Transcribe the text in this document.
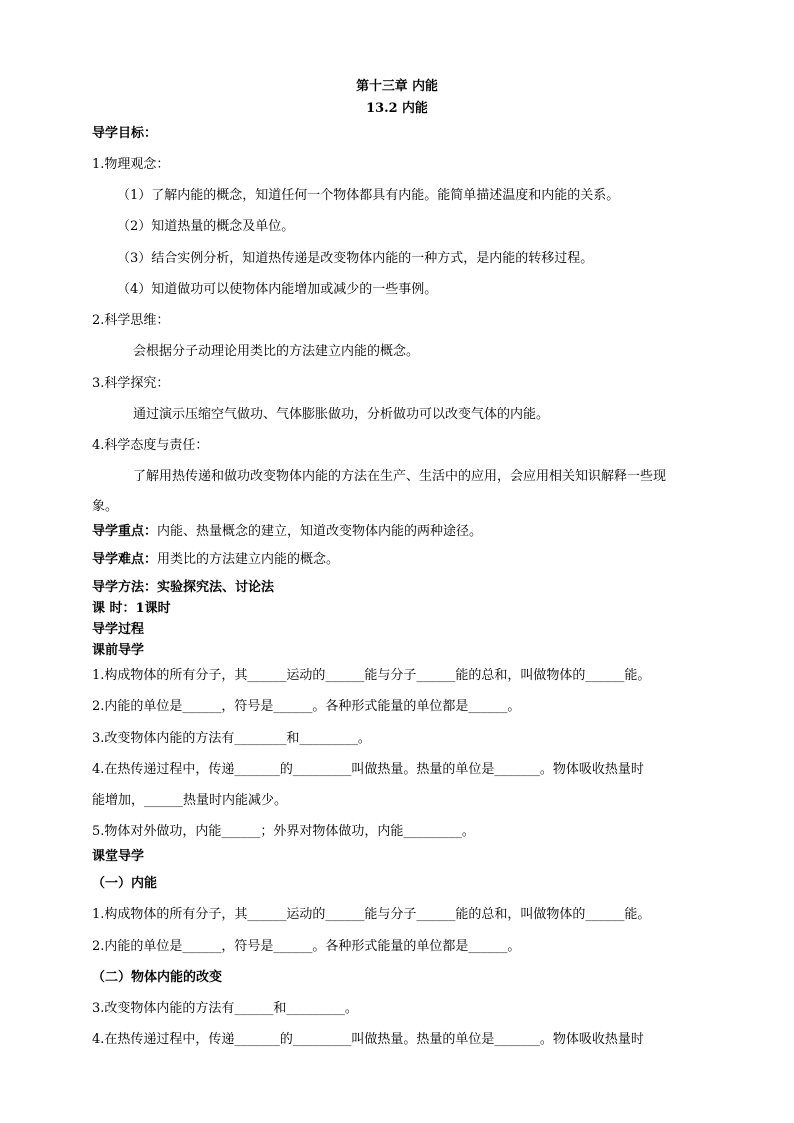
第十三章 内能
13.2 内能
导学目标：
1.物理观念：
（1）了解内能的概念，知道任何一个物体都具有内能。能简单描述温度和内能的关系。
（2）知道热量的概念及单位。
（3）结合实例分析，知道热传递是改变物体内能的一种方式，是内能的转移过程。
（4）知道做功可以使物体内能增加或减少的一些事例。
2.科学思维：
会根据分子动理论用类比的方法建立内能的概念。
3.科学探究：
通过演示压缩空气做功、气体膨胀做功，分析做功可以改变气体的内能。
4.科学态度与责任：
了解用热传递和做功改变物体内能的方法在生产、生活中的应用，会应用相关知识解释一些现
象。
导学重点：内能、热量概念的建立，知道改变物体内能的两种途径。
导学难点：用类比的方法建立内能的概念。
导学方法：实验探究法、讨论法
课 时：1课时
导学过程
课前导学
1.构成物体的所有分子，其______运动的______能与分子______能的总和，叫做物体的______能。
2.内能的单位是______，符号是______。各种形式能量的单位都是______。
3.改变物体内能的方法有________和_________。
4.在热传递过程中，传递_______的_________叫做热量。热量的单位是_______。物体吸收热量时
能增加，______热量时内能减少。
5.物体对外做功，内能______；外界对物体做功，内能_________。
课堂导学
（一）内能
1.构成物体的所有分子，其______运动的______能与分子______能的总和，叫做物体的______能。
2.内能的单位是______，符号是______。各种形式能量的单位都是______。
（二）物体内能的改变
3.改变物体内能的方法有______和_________。
4.在热传递过程中，传递_______的_________叫做热量。热量的单位是_______。物体吸收热量时
